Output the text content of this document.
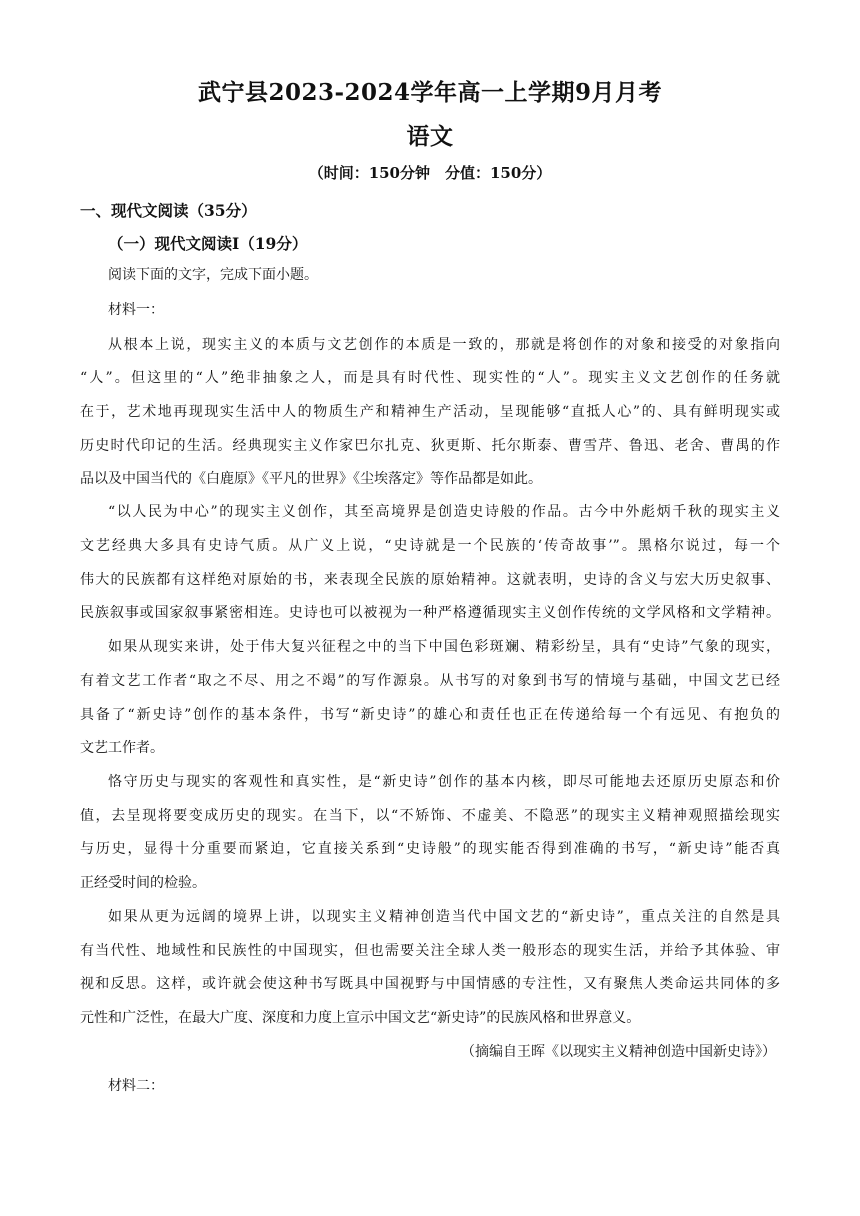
武宁县2023-2024学年高一上学期9月月考
语文
（时间：150分钟　分值：150分）
一、现代文阅读（35分）
（一）现代文阅读Ⅰ（19分）
阅读下面的文字，完成下面小题。
材料一：
从根本上说，现实主义的本质与文艺创作的本质是一致的，那就是将创作的对象和接受的对象指向
“人”。但这里的“人”绝非抽象之人，而是具有时代性、现实性的“人”。现实主义文艺创作的任务就
在于，艺术地再现现实生活中人的物质生产和精神生产活动，呈现能够“直抵人心”的、具有鲜明现实或
历史时代印记的生活。经典现实主义作家巴尔扎克、狄更斯、托尔斯泰、曹雪芹、鲁迅、老舍、曹禺的作
品以及中国当代的《白鹿原》《平凡的世界》《尘埃落定》等作品都是如此。
“以人民为中心”的现实主义创作，其至高境界是创造史诗般的作品。古今中外彪炳千秋的现实主义
文艺经典大多具有史诗气质。从广义上说，“史诗就是一个民族的‘传奇故事’”。黑格尔说过，每一个
伟大的民族都有这样绝对原始的书，来表现全民族的原始精神。这就表明，史诗的含义与宏大历史叙事、
民族叙事或国家叙事紧密相连。史诗也可以被视为一种严格遵循现实主义创作传统的文学风格和文学精神。
如果从现实来讲，处于伟大复兴征程之中的当下中国色彩斑斓、精彩纷呈，具有“史诗”气象的现实，
有着文艺工作者“取之不尽、用之不竭”的写作源泉。从书写的对象到书写的情境与基础，中国文艺已经
具备了“新史诗”创作的基本条件，书写“新史诗”的雄心和责任也正在传递给每一个有远见、有抱负的
文艺工作者。
恪守历史与现实的客观性和真实性，是“新史诗”创作的基本内核，即尽可能地去还原历史原态和价
值，去呈现将要变成历史的现实。在当下，以“不矫饰、不虚美、不隐恶”的现实主义精神观照描绘现实
与历史，显得十分重要而紧迫，它直接关系到“史诗般”的现实能否得到准确的书写，“新史诗”能否真
正经受时间的检验。
如果从更为远阔的境界上讲，以现实主义精神创造当代中国文艺的“新史诗”，重点关注的自然是具
有当代性、地域性和民族性的中国现实，但也需要关注全球人类一般形态的现实生活，并给予其体验、审
视和反思。这样，或许就会使这种书写既具中国视野与中国情感的专注性，又有聚焦人类命运共同体的多
元性和广泛性，在最大广度、深度和力度上宣示中国文艺“新史诗”的民族风格和世界意义。
（摘编自王晖《以现实主义精神创造中国新史诗》）
材料二：
